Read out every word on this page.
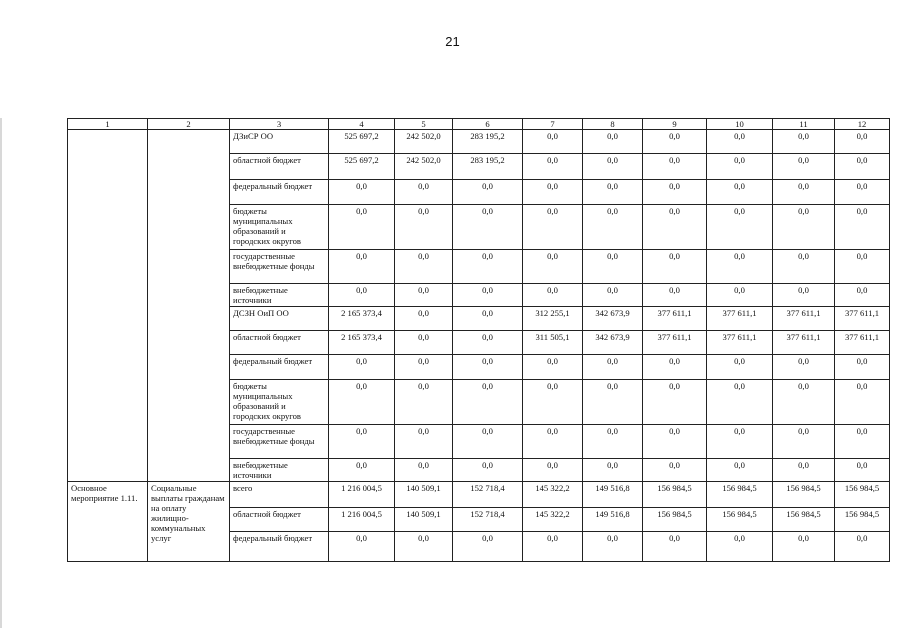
21
1	2	3	4	5	6	7	8	9	10	11	12
		ДЗиСР ОО	525 697,2	242 502,0	283 195,2	0,0	0,0	0,0	0,0	0,0	0,0
		областной бюджет	525 697,2	242 502,0	283 195,2	0,0	0,0	0,0	0,0	0,0	0,0
		федеральный бюджет	0,0	0,0	0,0	0,0	0,0	0,0	0,0	0,0	0,0
		бюджеты муниципальных образований и городских округов	0,0	0,0	0,0	0,0	0,0	0,0	0,0	0,0	0,0
		государственные внебюджетные фонды	0,0	0,0	0,0	0,0	0,0	0,0	0,0	0,0	0,0
		внебюджетные источники	0,0	0,0	0,0	0,0	0,0	0,0	0,0	0,0	0,0
		ДСЗН ОиП ОО	2 165 373,4	0,0	0,0	312 255,1	342 673,9	377 611,1	377 611,1	377 611,1	377 611,1
		областной бюджет	2 165 373,4	0,0	0,0	311 505,1	342 673,9	377 611,1	377 611,1	377 611,1	377 611,1
		федеральный бюджет	0,0	0,0	0,0	0,0	0,0	0,0	0,0	0,0	0,0
		бюджеты муниципальных образований и городских округов	0,0	0,0	0,0	0,0	0,0	0,0	0,0	0,0	0,0
		государственные внебюджетные фонды	0,0	0,0	0,0	0,0	0,0	0,0	0,0	0,0	0,0
		внебюджетные источники	0,0	0,0	0,0	0,0	0,0	0,0	0,0	0,0	0,0
Основное мероприятие 1.11.	Социальные выплаты гражданам на оплату жилищно-коммунальных услуг	всего	1 216 004,5	140 509,1	152 718,4	145 322,2	149 516,8	156 984,5	156 984,5	156 984,5	156 984,5
		областной бюджет	1 216 004,5	140 509,1	152 718,4	145 322,2	149 516,8	156 984,5	156 984,5	156 984,5	156 984,5
		федеральный бюджет	0,0	0,0	0,0	0,0	0,0	0,0	0,0	0,0	0,0
